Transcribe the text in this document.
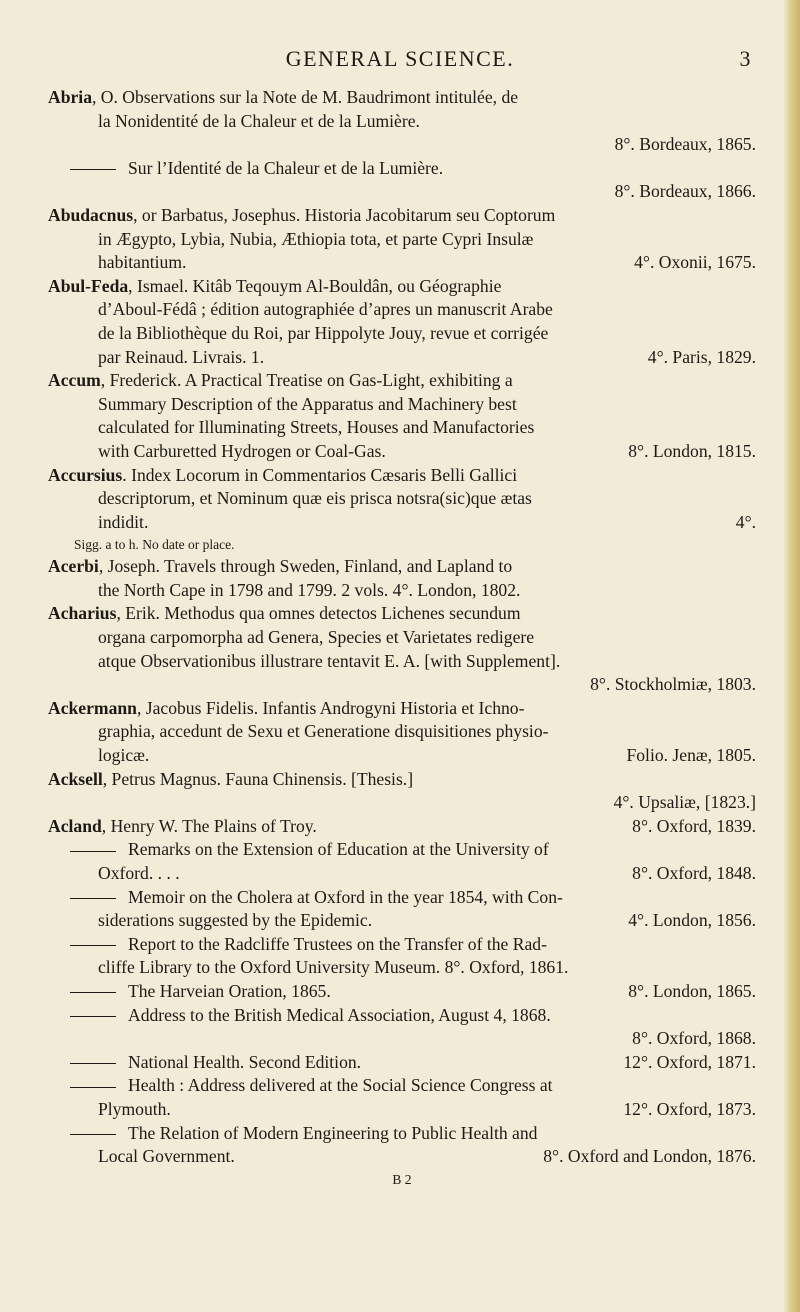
GENERAL SCIENCE.	3
Abria, O. Observations sur la Note de M. Baudrimont intitulée, de
la Nonidentité de la Chaleur et de la Lumière.
8°. Bordeaux, 1865.
Sur l’Identité de la Chaleur et de la Lumière.
8°. Bordeaux, 1866.
Abudacnus, or Barbatus, Josephus. Historia Jacobitarum seu Coptorum
in Ægypto, Lybia, Nubia, Æthiopia tota, et parte Cypri Insulæ
habitantium.	4°. Oxonii, 1675.
Abul-Feda, Ismael. Kitâb Teqouym Al-Bouldân, ou Géographie
d’Aboul-Fédâ ; édition autographiée d’apres un manuscrit Arabe
de la Bibliothèque du Roi, par Hippolyte Jouy, revue et corrigée
par Reinaud. Livrais. 1.	4°. Paris, 1829.
Accum, Frederick. A Practical Treatise on Gas-Light, exhibiting a
Summary Description of the Apparatus and Machinery best
calculated for Illuminating Streets, Houses and Manufactories
with Carburetted Hydrogen or Coal-Gas.	8°. London, 1815.
Accursius. Index Locorum in Commentarios Cæsaris Belli Gallici
descriptorum, et Nominum quæ eis prisca notsra(sic)que ætas
indidit.	4°.
Sigg. a to h. No date or place.
Acerbi, Joseph. Travels through Sweden, Finland, and Lapland to
the North Cape in 1798 and 1799. 2 vols. 4°. London, 1802.
Acharius, Erik. Methodus qua omnes detectos Lichenes secundum
organa carpomorpha ad Genera, Species et Varietates redigere
atque Observationibus illustrare tentavit E. A. [with Supplement].
8°. Stockholmiæ, 1803.
Ackermann, Jacobus Fidelis. Infantis Androgyni Historia et Ichno-
graphia, accedunt de Sexu et Generatione disquisitiones physio-
logicæ.	Folio. Jenæ, 1805.
Acksell, Petrus Magnus. Fauna Chinensis. [Thesis.]
4°. Upsaliæ, [1823.]
Acland, Henry W. The Plains of Troy.	8°. Oxford, 1839.
Remarks on the Extension of Education at the University of
Oxford. . . .	8°. Oxford, 1848.
Memoir on the Cholera at Oxford in the year 1854, with Con-
siderations suggested by the Epidemic.	4°. London, 1856.
Report to the Radcliffe Trustees on the Transfer of the Rad-
cliffe Library to the Oxford University Museum. 8°. Oxford, 1861.
The Harveian Oration, 1865.	8°. London, 1865.
Address to the British Medical Association, August 4, 1868.
8°. Oxford, 1868.
National Health. Second Edition.	12°. Oxford, 1871.
Health : Address delivered at the Social Science Congress at
Plymouth.	12°. Oxford, 1873.
The Relation of Modern Engineering to Public Health and
Local Government.	8°. Oxford and London, 1876.
B 2
